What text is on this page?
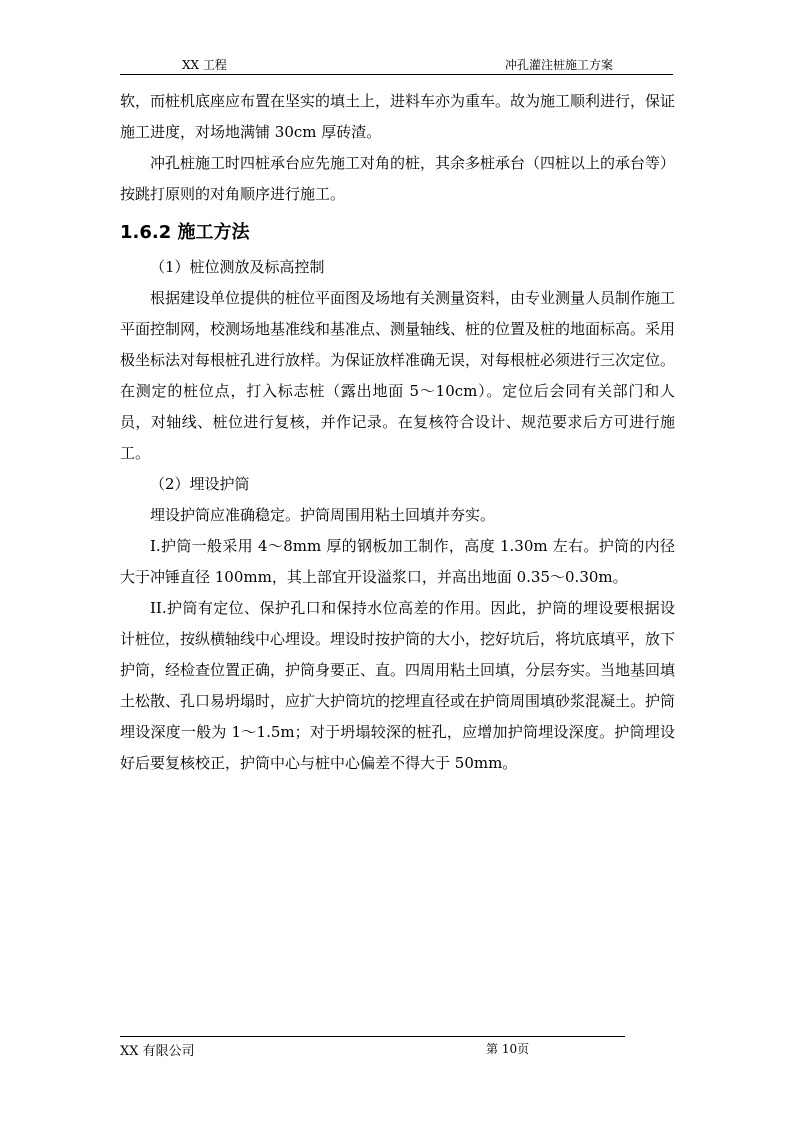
XX 工程	冲孔灌注桩施工方案

软，而桩机底座应布置在坚实的填土上，进料车亦为重车。故为施工顺利进行，保证施工进度，对场地满铺 30cm 厚砖渣。

冲孔桩施工时四桩承台应先施工对角的桩，其余多桩承台（四桩以上的承台等）按跳打原则的对角顺序进行施工。

1.6.2 施工方法

（1）桩位测放及标高控制

根据建设单位提供的桩位平面图及场地有关测量资料，由专业测量人员制作施工平面控制网，校测场地基准线和基准点、测量轴线、桩的位置及桩的地面标高。采用极坐标法对每根桩孔进行放样。为保证放样准确无误，对每根桩必须进行三次定位。在测定的桩位点，打入标志桩（露出地面 5～10cm）。定位后会同有关部门和人员，对轴线、桩位进行复核，并作记录。在复核符合设计、规范要求后方可进行施工。

（2）埋设护筒

埋设护筒应准确稳定。护筒周围用粘土回填并夯实。

I.护筒一般采用 4～8mm 厚的钢板加工制作，高度 1.30m 左右。护筒的内径大于冲锤直径 100mm，其上部宜开设溢浆口，并高出地面 0.35～0.30m。

II.护筒有定位、保护孔口和保持水位高差的作用。因此，护筒的埋设要根据设计桩位，按纵横轴线中心埋设。埋设时按护筒的大小，挖好坑后，将坑底填平，放下护筒，经检查位置正确，护筒身要正、直。四周用粘土回填，分层夯实。当地基回填土松散、孔口易坍塌时，应扩大护筒坑的挖埋直径或在护筒周围填砂浆混凝土。护筒埋设深度一般为 1～1.5m；对于坍塌较深的桩孔，应增加护筒埋设深度。护筒埋设好后要复核校正，护筒中心与桩中心偏差不得大于 50mm。

XX 有限公司	第 10页
